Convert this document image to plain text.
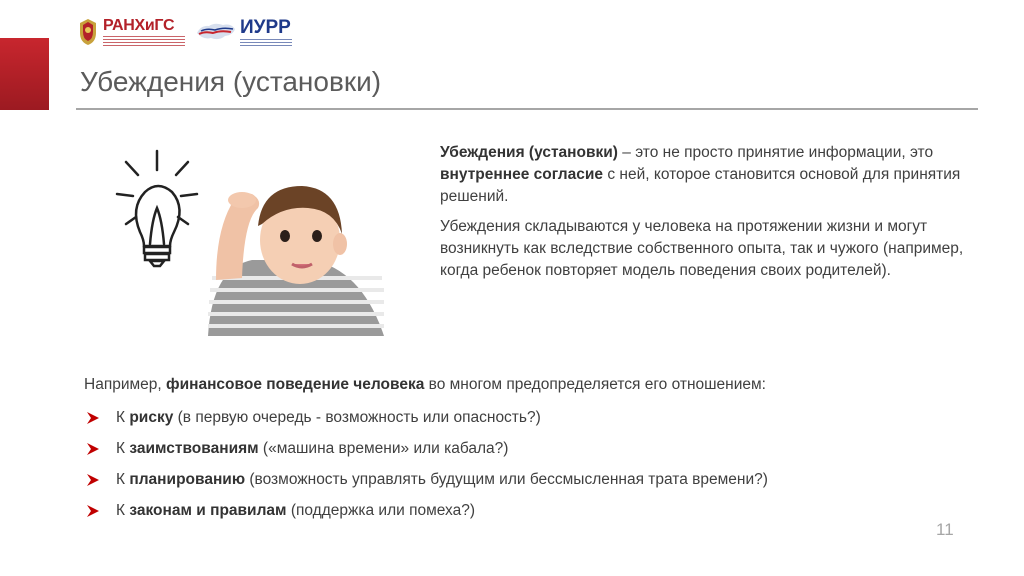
РАНХиГС	ИУРР
Убеждения (установки)

Убеждения (установки) – это не просто принятие информации, это внутреннее согласие с ней, которое становится основой для принятия решений.

Убеждения складываются у человека на протяжении жизни и могут возникнуть как вследствие собственного опыта, так и чужого (например, когда ребенок повторяет модель поведения своих родителей).

Например, финансовое поведение человека во многом предопределяется его отношением:

К риску (в первую очередь - возможность или опасность?)
К заимствованиям («машина времени» или кабала?)
К планированию (возможность управлять будущим или бессмысленная трата времени?)
К законам и правилам (поддержка или помеха?)
11
